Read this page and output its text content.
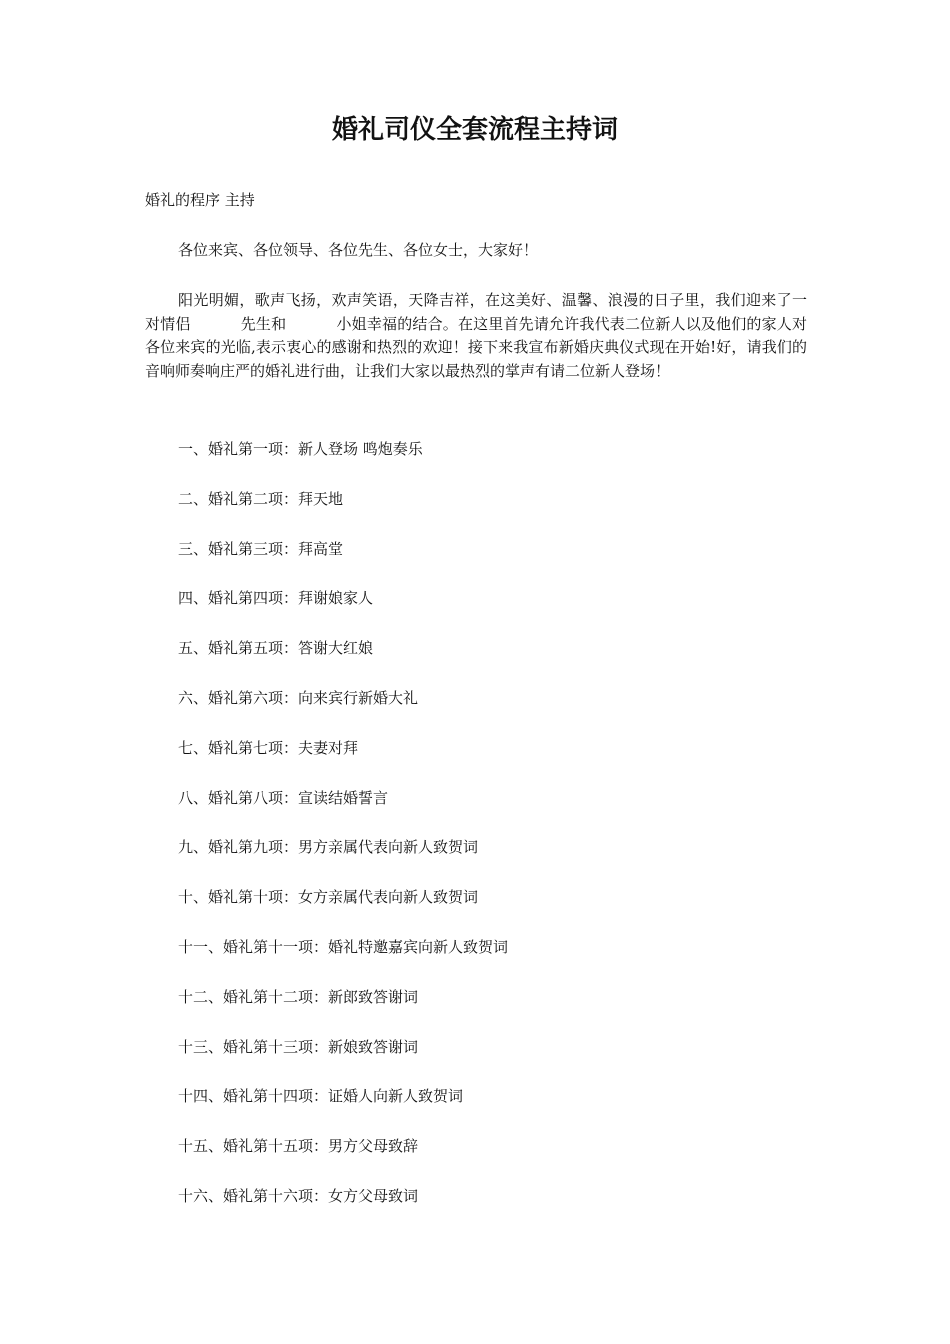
婚礼司仪全套流程主持词

婚礼的程序 主持

各位来宾、各位领导、各位先生、各位女士，大家好！

阳光明媚，歌声飞扬，欢声笑语，天降吉祥，在这美好、温馨、浪漫的日子里，我们迎来了一对情侣	先生和	小姐幸福的结合。在这里首先请允许我代表二位新人以及他们的家人对各位来宾的光临,表示衷心的感谢和热烈的欢迎！接下来我宣布新婚庆典仪式现在开始!好，请我们的音响师奏响庄严的婚礼进行曲，让我们大家以最热烈的掌声有请二位新人登场！

一、婚礼第一项：新人登场 鸣炮奏乐
二、婚礼第二项：拜天地
三、婚礼第三项：拜高堂
四、婚礼第四项：拜谢娘家人
五、婚礼第五项：答谢大红娘
六、婚礼第六项：向来宾行新婚大礼
七、婚礼第七项：夫妻对拜
八、婚礼第八项：宣读结婚誓言
九、婚礼第九项：男方亲属代表向新人致贺词
十、婚礼第十项：女方亲属代表向新人致贺词
十一、婚礼第十一项：婚礼特邀嘉宾向新人致贺词
十二、婚礼第十二项：新郎致答谢词
十三、婚礼第十三项：新娘致答谢词
十四、婚礼第十四项：证婚人向新人致贺词
十五、婚礼第十五项：男方父母致辞
十六、婚礼第十六项：女方父母致词
